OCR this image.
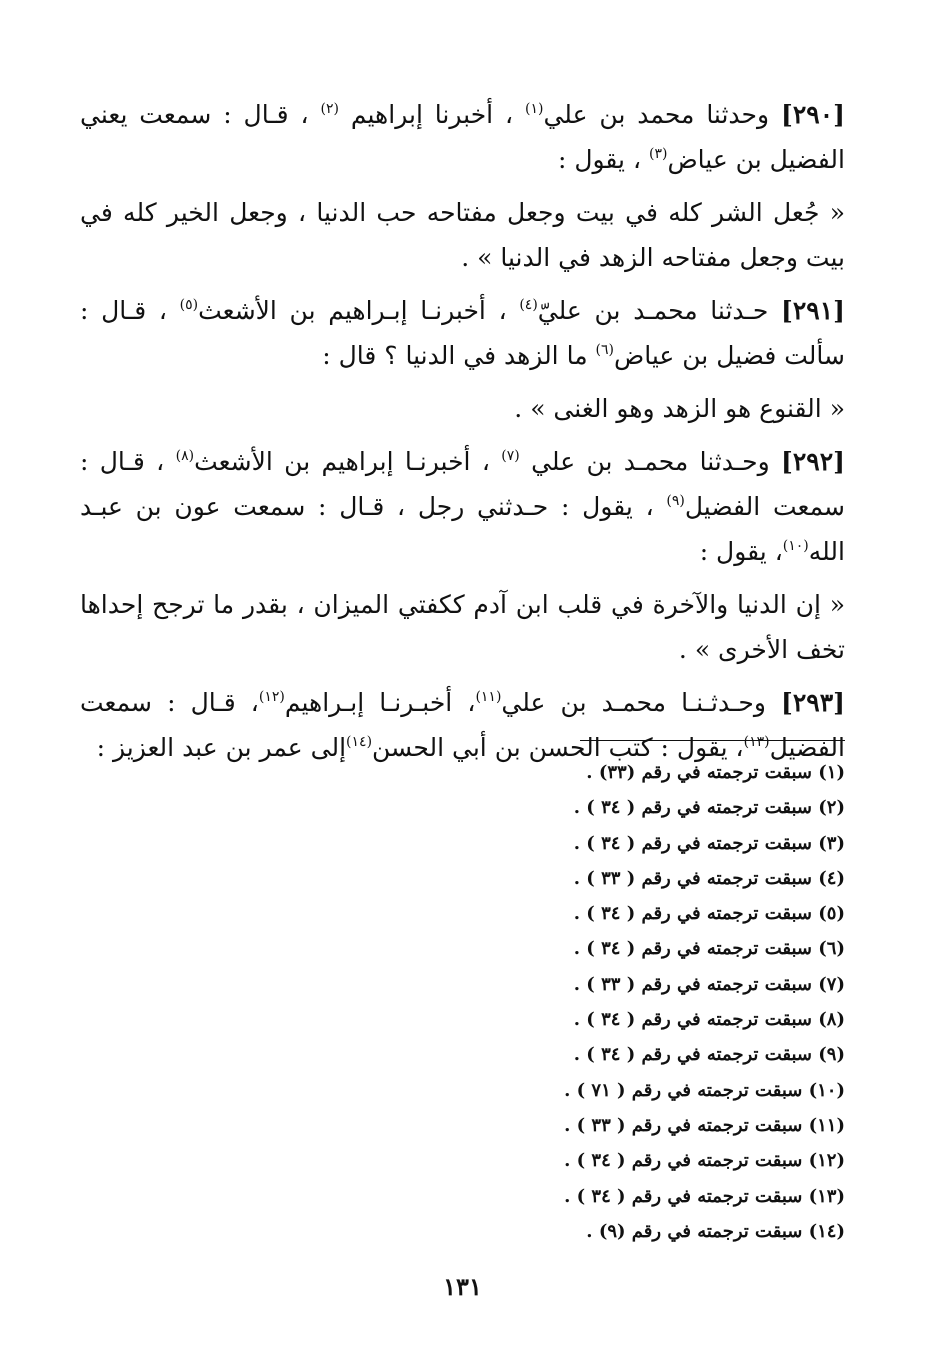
[٢٩٠] وحدثنا محمد بن علي$^{(١)}$ ، أخبرنا إبراهيم $^{(٢)}$ ، قـال : سمعت يعني الفضيل بن عياض$^{(٣)}$ ، يقول :

« جُعل الشر كله في بيت وجعل مفتاحه حب الدنيا ، وجعل الخير كله في بيت وجعل مفتاحه الزهد في الدنيا » .

[٢٩١] حـدثنا محمـد بن عليّ$^{(٤)}$ ، أخبرنـا إبـراهيم بن الأشعث$^{(٥)}$ ، قـال : سألت فضيل بن عياض$^{(٦)}$ ما الزهد في الدنيا ؟ قال :

« القنوع هو الزهد وهو الغنى » .

[٢٩٢] وحـدثنا محمـد بن علي $^{(٧)}$ ، أخبرنـا إبراهيم بن الأشعث$^{(٨)}$ ، قـال : سمعت الفضيل$^{(٩)}$ ، يقول : حـدثني رجل ، قـال : سمعت عون بن عبـد الله$^{(١٠)}$، يقول :

« إن الدنيا والآخرة في قلب ابن آدم ككفتي الميزان ، بقدر ما ترجح إحداها تخف الأخرى » .

[٢٩٣] وحـدثـنـا محمـد بن علي$^{(١١)}$، أخبـرنـا إبـراهيم$^{(١٢)}$، قـال : سمعت الفضيل$^{(١٣)}$، يقول : كتب الحسن بن أبي الحسن$^{(١٤)}$إلى عمر بن عبد العزيز :

(١) سبقت ترجمته في رقم (٣٣) .
(٢) سبقت ترجمته في رقم ( ٣٤ ) .
(٣) سبقت ترجمته في رقم ( ٣٤ ) .
(٤) سبقت ترجمته في رقم ( ٣٣ ) .
(٥) سبقت ترجمته في رقم ( ٣٤ ) .
(٦) سبقت ترجمته في رقم ( ٣٤ ) .
(٧) سبقت ترجمته في رقم ( ٣٣ ) .
(٨) سبقت ترجمته في رقم ( ٣٤ ) .
(٩) سبقت ترجمته في رقم ( ٣٤ ) .
(١٠) سبقت ترجمته في رقم ( ٧١ ) .
(١١) سبقت ترجمته في رقم ( ٣٣ ) .
(١٢) سبقت ترجمته في رقم ( ٣٤ ) .
(١٣) سبقت ترجمته في رقم ( ٣٤ ) .
(١٤) سبقت ترجمته في رقم (٩) .
١٣١
